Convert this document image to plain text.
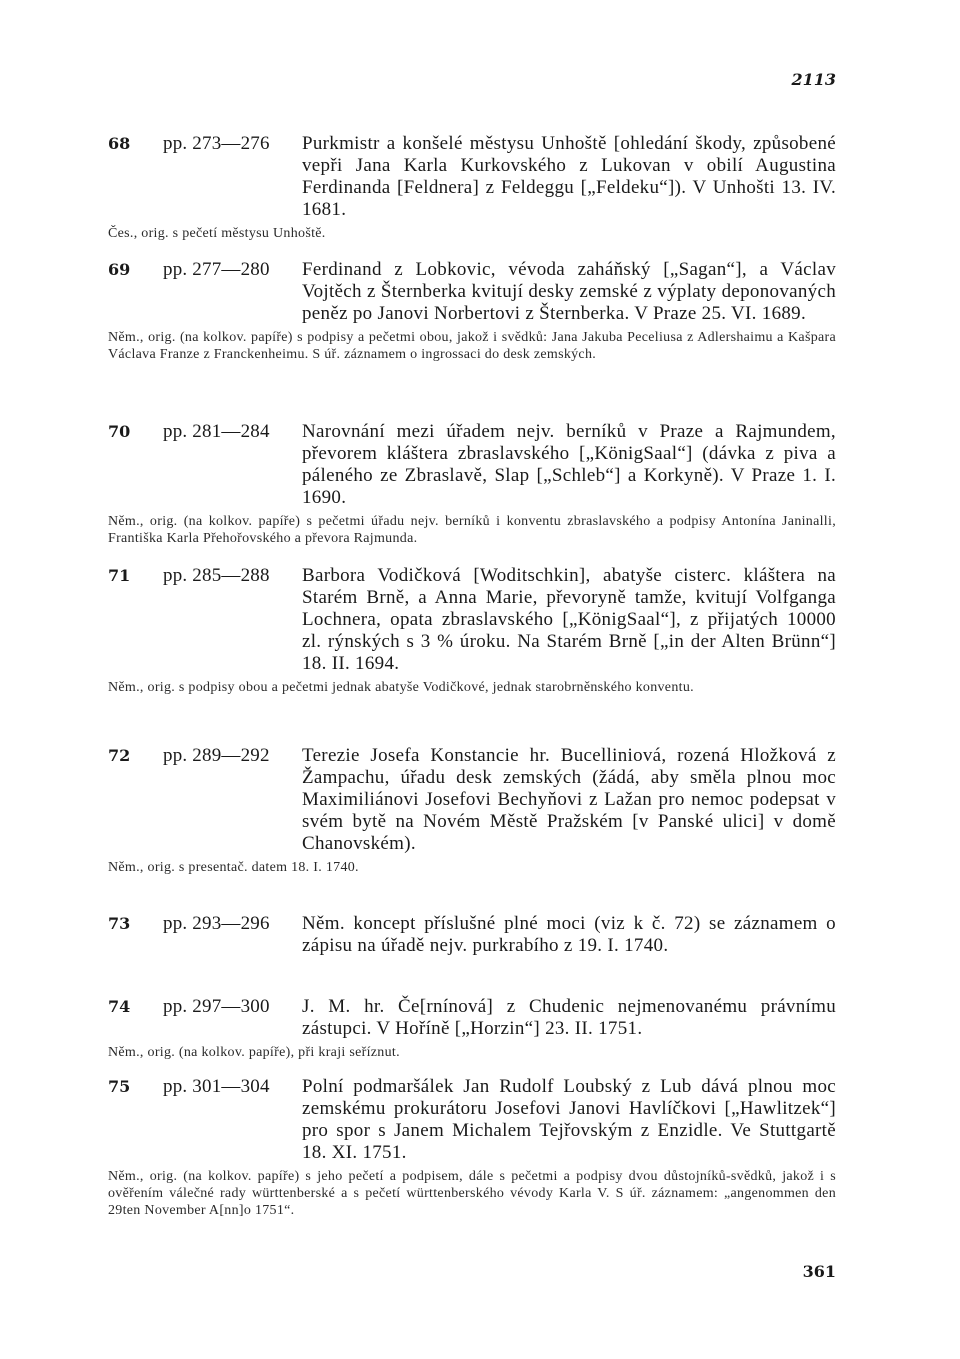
2113
68 pp. 273—276 Purkmistr a konšelé městysu Unhoště [ohledání škody, způsobené vepři Jana Karla Kurkovského z Lukovan v obilí Augustina Ferdinanda [Feldnera] z Feldeggu [„Feldeku“]). V Unhošti 13. IV. 1681.
Čes., orig. s pečetí městysu Unhoště.
69 pp. 277—280 Ferdinand z Lobkovic, vévoda zaháňský [„Sagan“], a Václav Vojtěch z Šternberka kvitují desky zemské z výplaty deponovaných peněz po Janovi Norbertovi z Šternberka. V Praze 25. VI. 1689.
Něm., orig. (na kolkov. papíře) s podpisy a pečetmi obou, jakož i svědků: Jana Jakuba Peceliusa z Adlershaimu a Kašpara Václava Franze z Franckenheimu. S úř. záznamem o ingrossaci do desk zemských.
70 pp. 281—284 Narovnání mezi úřadem nejv. berníků v Praze a Rajmundem, převorem kláštera zbraslavského [„KönigSaal“] (dávka z piva a páleného ze Zbraslavě, Slap [„Schleb“] a Korkyně). V Praze 1. I. 1690.
Něm., orig. (na kolkov. papíře) s pečetmi úřadu nejv. berníků i konventu zbraslavského a podpisy Antonína Janinalli, Františka Karla Přehořovského a převora Rajmunda.
71 pp. 285—288 Barbora Vodičková [Woditschkin], abatyše cisterc. kláštera na Starém Brně, a Anna Marie, převoryně tamže, kvitují Volfganga Lochnera, opata zbraslavského [„KönigSaal“], z přijatých 10000 zl. rýnských s 3 % úroku. Na Starém Brně [„in der Alten Brünn“] 18. II. 1694.
Něm., orig. s podpisy obou a pečetmi jednak abatyše Vodičkové, jednak starobrněnského konventu.
72 pp. 289—292 Terezie Josefa Konstancie hr. Bucelliniová, rozená Hložková z Žampachu, úřadu desk zemských (žádá, aby směla plnou moc Maximiliánovi Josefovi Bechyňovi z Lažan pro nemoc podepsat v svém bytě na Novém Městě Pražském [v Panské ulici] v domě Chanovském).
Něm., orig. s presentač. datem 18. I. 1740.
73 pp. 293—296 Něm. koncept příslušné plné moci (viz k č. 72) se záznamem o zápisu na úřadě nejv. purkrabího z 19. I. 1740.
74 pp. 297—300 J. M. hr. Če[rnínová] z Chudenic nejmenovanému právnímu zástupci. V Hoříně [„Horzin“] 23. II. 1751.
Něm., orig. (na kolkov. papíře), při kraji seříznut.
75 pp. 301—304 Polní podmaršálek Jan Rudolf Loubský z Lub dává plnou moc zemskému prokurátoru Josefovi Janovi Havlíčkovi [„Hawlitzek“] pro spor s Janem Michalem Tejřovským z Enzidle. Ve Stuttgartě 18. XI. 1751.
Něm., orig. (na kolkov. papíře) s jeho pečetí a podpisem, dále s pečetmi a podpisy dvou důstojníků-svědků, jakož i s ověřením válečné rady württenberské a s pečetí württenberského vévody Karla V. S úř. záznamem: „angenommen den 29ten November A[nn]o 1751“.
361
